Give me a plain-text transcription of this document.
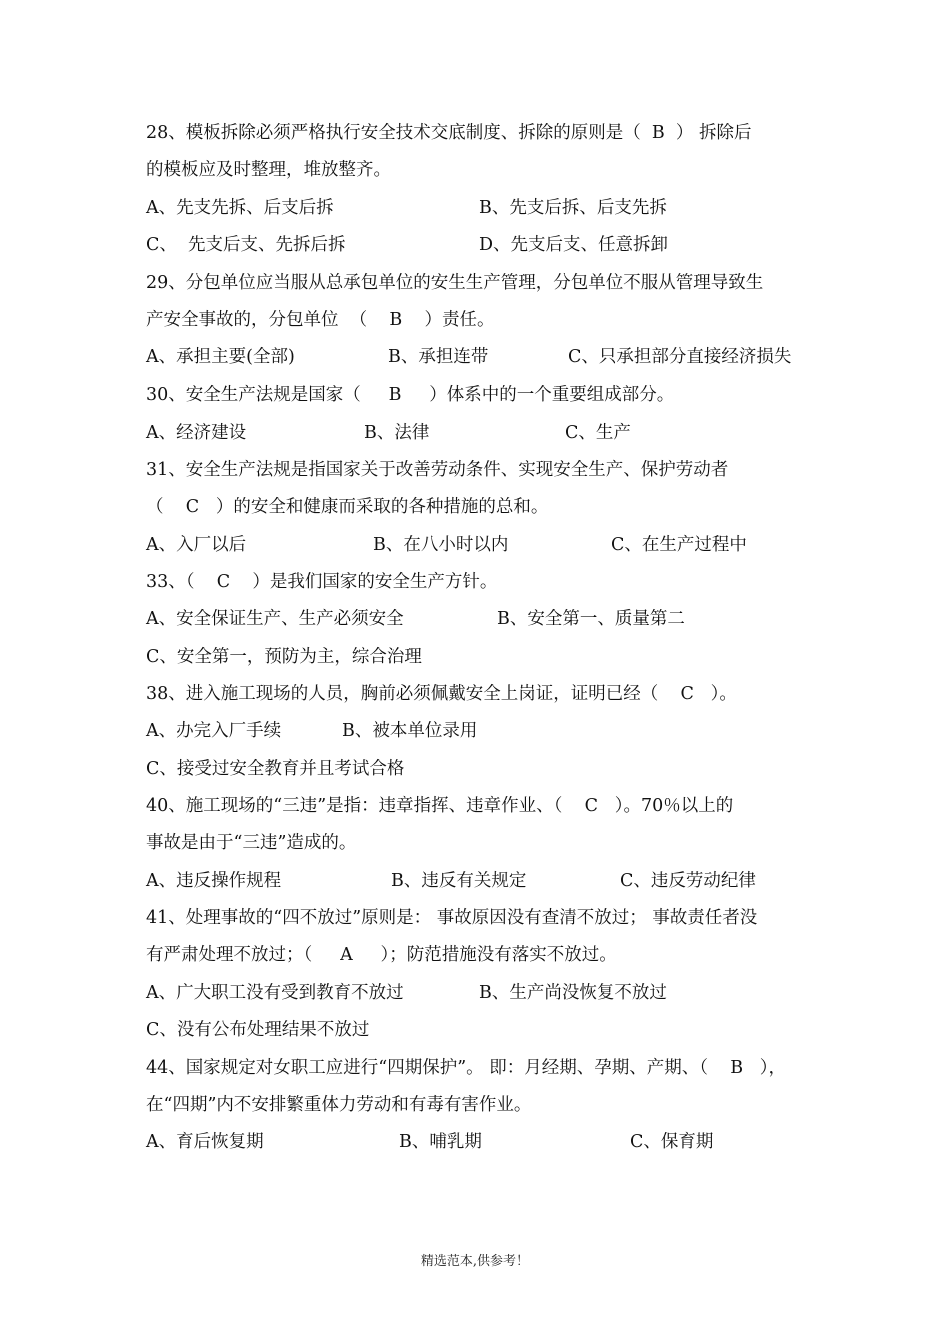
28、模板拆除必须严格执行安全技术交底制度、拆除的原则是（  B  ） 拆除后
的模板应及时整理，堆放整齐。
A、先支先拆、后支后拆	B、先支后拆、后支先拆
C、  先支后支、先拆后拆	D、先支后支、任意拆卸
29、分包单位应当服从总承包单位的安生生产管理，分包单位不服从管理导致生
产安全事故的，分包单位  （    B    ）责任。
A、承担主要(全部)	B、承担连带	C、只承担部分直接经济损失
30、安全生产法规是国家（     B     ）体系中的一个重要组成部分。
A、经济建设	B、法律	C、生产
31、安全生产法规是指国家关于改善劳动条件、实现安全生产、保护劳动者
（    C   ）的安全和健康而采取的各种措施的总和。
A、入厂以后	B、在八小时以内	C、在生产过程中
33、（    C    ）是我们国家的安全生产方针。
A、安全保证生产、生产必须安全	B、安全第一、质量第二
C、安全第一，预防为主，综合治理
38、进入施工现场的人员，胸前必须佩戴安全上岗证，证明已经（    C   ）。
A、办完入厂手续	B、被本单位录用
C、接受过安全教育并且考试合格
40、施工现场的“三违”是指：违章指挥、违章作业、（    C   ）。70％以上的
事故是由于“三违”造成的。
A、违反操作规程	B、违反有关规定	C、违反劳动纪律
41、处理事故的“四不放过”原则是： 事故原因没有查清不放过； 事故责任者没
有严肃处理不放过；（     A     ）；防范措施没有落实不放过。
A、广大职工没有受到教育不放过	B、生产尚没恢复不放过
C、没有公布处理结果不放过
44、国家规定对女职工应进行“四期保护”。 即：月经期、孕期、产期、（    B   ），
在“四期”内不安排繁重体力劳动和有毒有害作业。
A、育后恢复期	B、哺乳期	C、保育期
精选范本,供参考！
